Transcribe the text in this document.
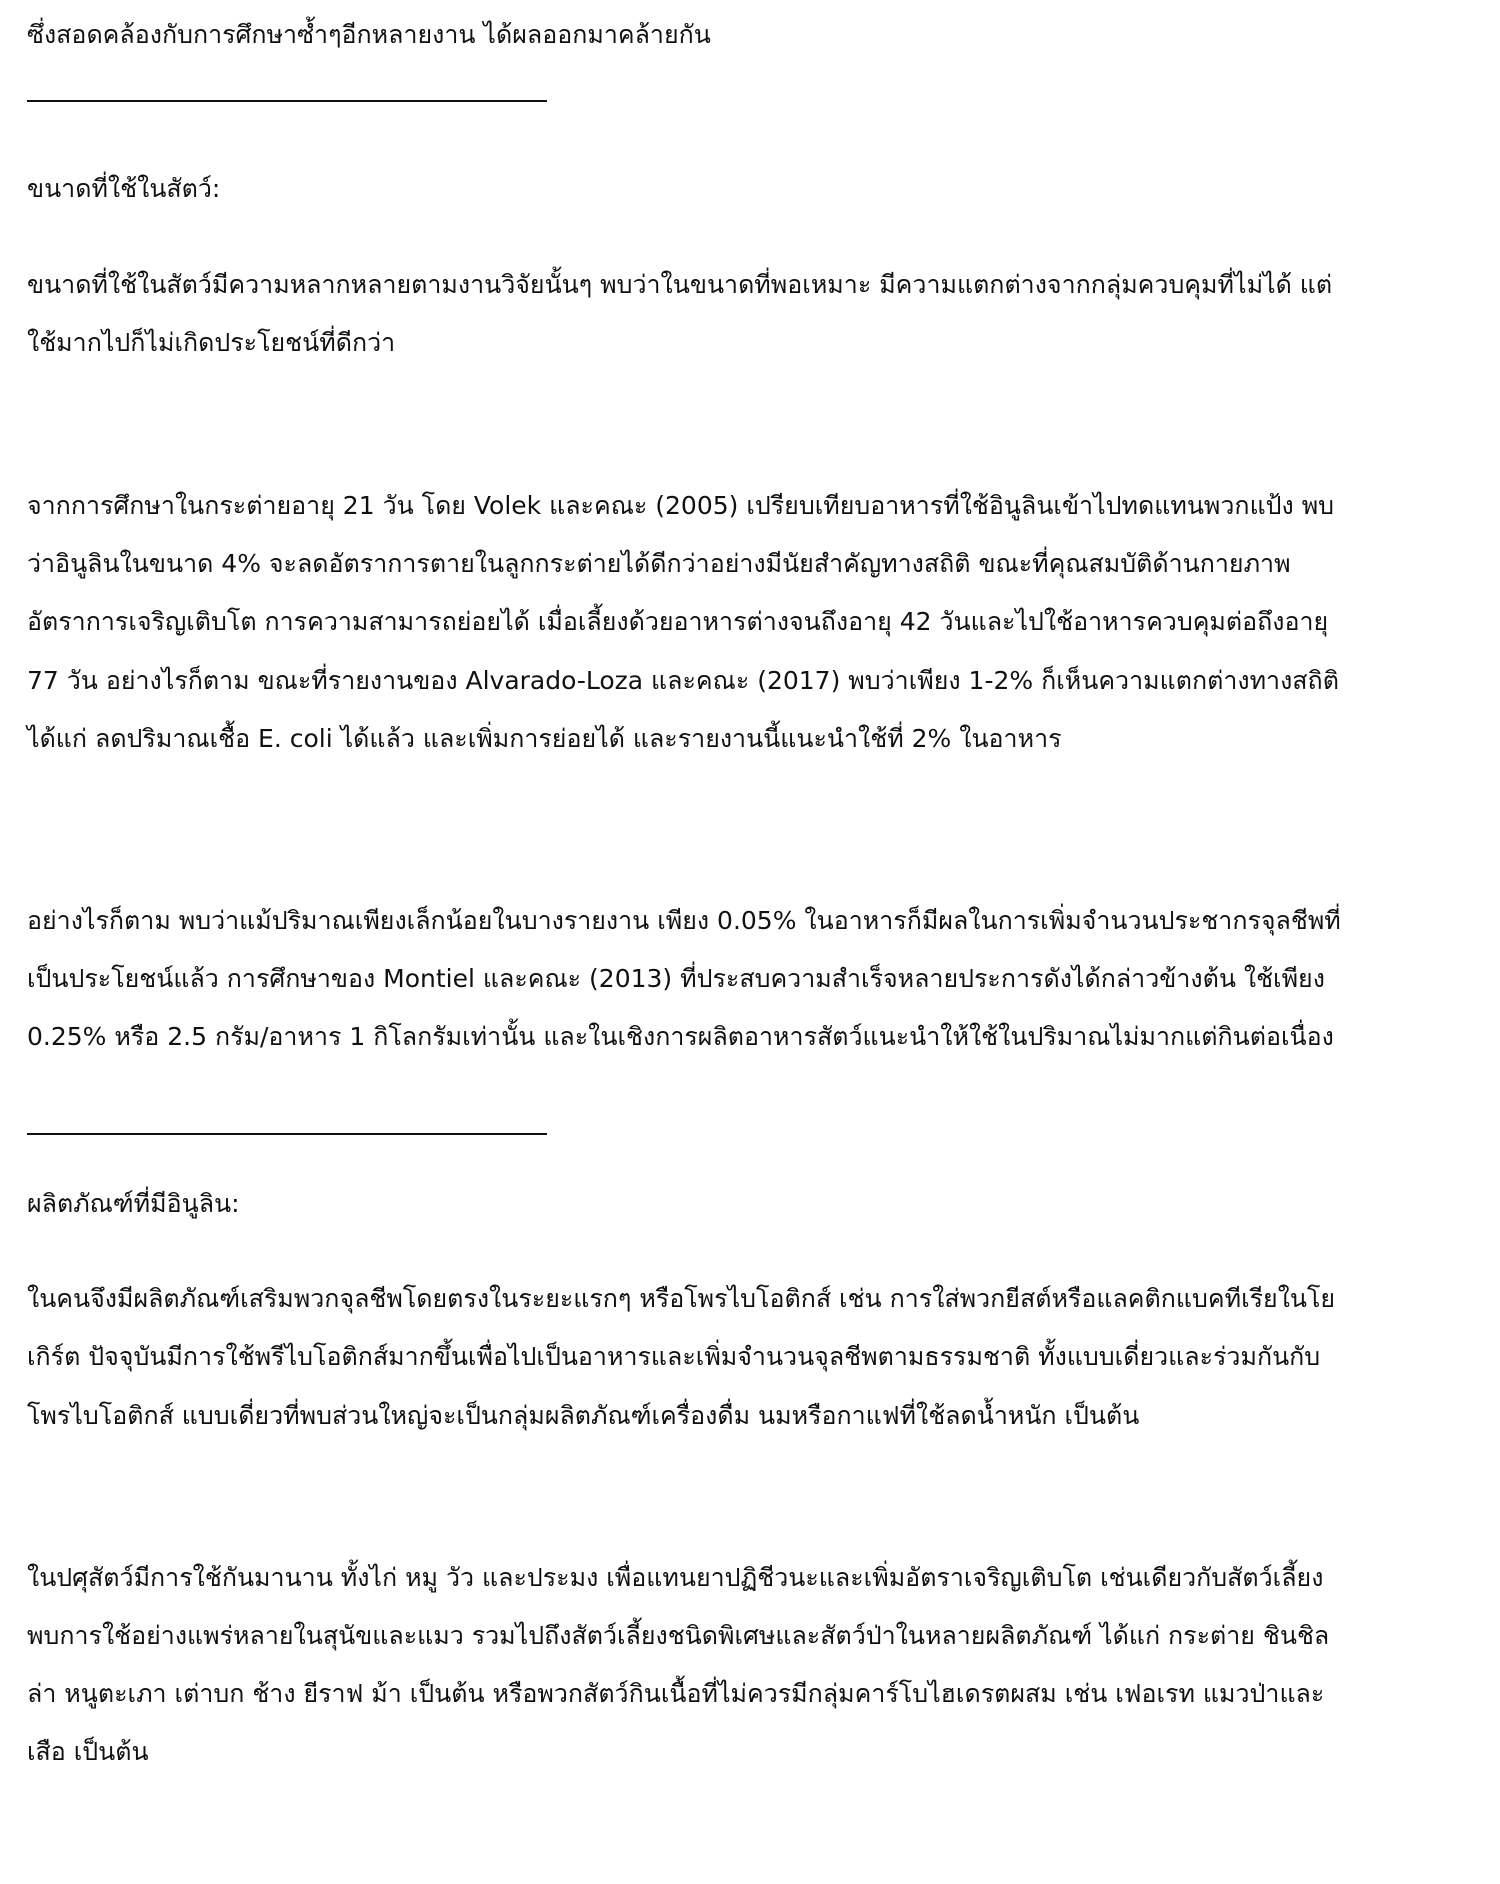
ซึ่งสอดคล้องกับการศึกษาซ้ำๆอีกหลายงาน ได้ผลออกมาคล้ายกัน
ขนาดที่ใช้ในสัตว์:
ขนาดที่ใช้ในสัตว์มีความหลากหลายตามงานวิจัยนั้นๆ พบว่าในขนาดที่พอเหมาะ มีความแตกต่างจากกลุ่มควบคุมที่ไม่ได้ แต่
ใช้มากไปก็ไม่เกิดประโยชน์ที่ดีกว่า
จากการศึกษาในกระต่ายอายุ 21 วัน โดย Volek และคณะ (2005) เปรียบเทียบอาหารที่ใช้อินูลินเข้าไปทดแทนพวกแป้ง พบ
ว่าอินูลินในขนาด 4% จะลดอัตราการตายในลูกกระต่ายได้ดีกว่าอย่างมีนัยสำคัญทางสถิติ ขณะที่คุณสมบัติด้านกายภาพ
อัตราการเจริญเติบโต การความสามารถย่อยได้ เมื่อเลี้ยงด้วยอาหารต่างจนถึงอายุ 42 วันและไปใช้อาหารควบคุมต่อถึงอายุ
77 วัน อย่างไรก็ตาม ขณะที่รายงานของ Alvarado-Loza และคณะ (2017) พบว่าเพียง 1-2% ก็เห็นความแตกต่างทางสถิติ
ได้แก่ ลดปริมาณเชื้อ E. coli ได้แล้ว และเพิ่มการย่อยได้ และรายงานนี้แนะนำใช้ที่ 2% ในอาหาร
อย่างไรก็ตาม พบว่าแม้ปริมาณเพียงเล็กน้อยในบางรายงาน เพียง 0.05% ในอาหารก็มีผลในการเพิ่มจำนวนประชากรจุลชีพที่
เป็นประโยชน์แล้ว การศึกษาของ Montiel และคณะ (2013) ที่ประสบความสำเร็จหลายประการดังได้กล่าวข้างต้น ใช้เพียง
0.25% หรือ 2.5 กรัม/อาหาร 1 กิโลกรัมเท่านั้น และในเชิงการผลิตอาหารสัตว์แนะนำให้ใช้ในปริมาณไม่มากแต่กินต่อเนื่อง
ผลิตภัณฑ์ที่มีอินูลิน:
ในคนจึงมีผลิตภัณฑ์เสริมพวกจุลชีพโดยตรงในระยะแรกๆ หรือโพรไบโอติกส์ เช่น การใส่พวกยีสต์หรือแลคติกแบคทีเรียในโย
เกิร์ต ปัจจุบันมีการใช้พรีไบโอติกส์มากขึ้นเพื่อไปเป็นอาหารและเพิ่มจำนวนจุลชีพตามธรรมชาติ ทั้งแบบเดี่ยวและร่วมกันกับ
โพรไบโอติกส์ แบบเดี่ยวที่พบส่วนใหญ่จะเป็นกลุ่มผลิตภัณฑ์เครื่องดื่ม นมหรือกาแฟที่ใช้ลดน้ำหนัก เป็นต้น
ในปศุสัตว์มีการใช้กันมานาน ทั้งไก่ หมู วัว และประมง เพื่อแทนยาปฏิชีวนะและเพิ่มอัตราเจริญเติบโต เช่นเดียวกับสัตว์เลี้ยง
พบการใช้อย่างแพร่หลายในสุนัขและแมว รวมไปถึงสัตว์เลี้ยงชนิดพิเศษและสัตว์ป่าในหลายผลิตภัณฑ์ ได้แก่ กระต่าย ชินชิล
ล่า หนูตะเภา เต่าบก ช้าง ยีราฟ ม้า เป็นต้น หรือพวกสัตว์กินเนื้อที่ไม่ควรมีกลุ่มคาร์โบไฮเดรตผสม เช่น เฟอเรท แมวป่าและ
เสือ เป็นต้น
